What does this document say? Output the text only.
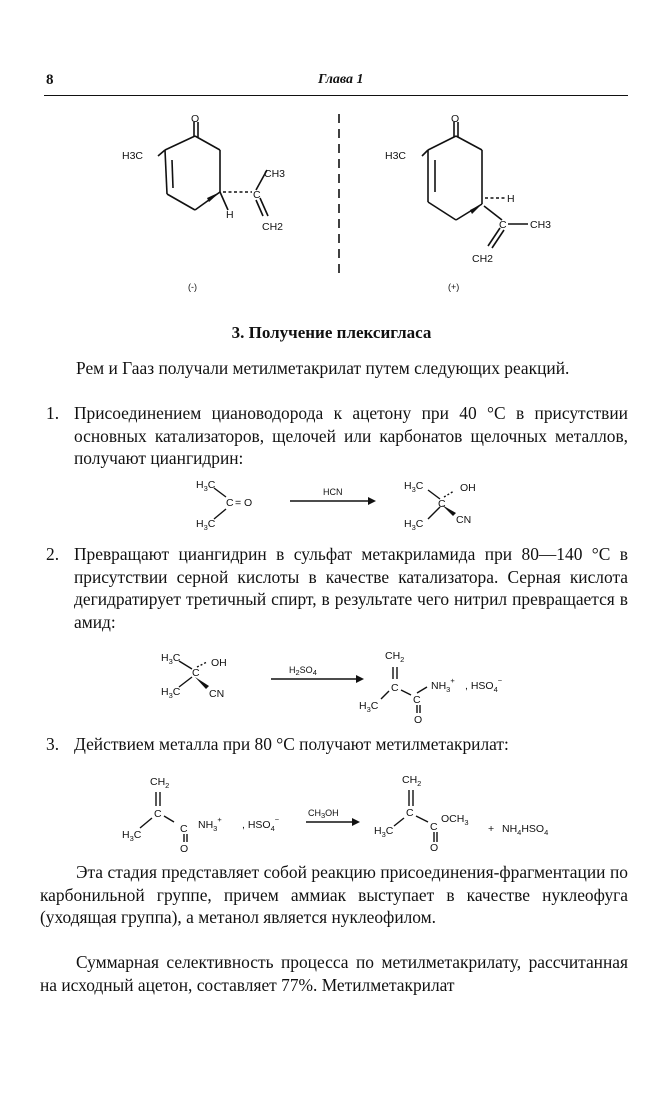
8	Глава 1
O
H3C
CH3
C
H
CH2
O
H3C
H
C CH3
CH2
(-)	(+)
3. Получение плексигласа
Рем и Гааз получали метилметакрилат путем следующих реакций.
1. Присоединением циановодорода к ацетону при 40 °С в присутствии основных катализаторов, щелочей или карбонатов щелочных металлов, получают циангидрин:
$H_3C$
C = O
$H_3C$
HCN	$H_3C$
C
OH
$H_3C$	CN
2. Превращают циангидрин в сульфат метакриламида при 80—140 °С в присутствии серной кислоты в качестве катализатора. Серная кислота дегидратирует третичный спирт, в результате чего нитрил превращается в амид:
$H_3C$
C
OH
$H_3C$	CN
$H_2SO_4$
$CH_2$
C
$H_3C$	C
O
$NH_3^+$ , $HSO_4^-$
3. Действием металла при 80 °С получают метилметакрилат:
$CH_2$
C
$H_3C$	C
O
$NH_3^+$ , $HSO_4^-$
$CH_3OH$
$CH_2$
C
$H_3C$	C
O
$OCH_3$
+ $NH_4HSO_4$
Эта стадия представляет собой реакцию присоединения-фрагментации по карбонильной группе, причем аммиак выступает в качестве нуклеофуга (уходящая группа), а метанол является нуклеофилом.
Суммарная селективность процесса по метилметакрилату, рассчитанная на исходный ацетон, составляет 77%. Метилметакрилат
